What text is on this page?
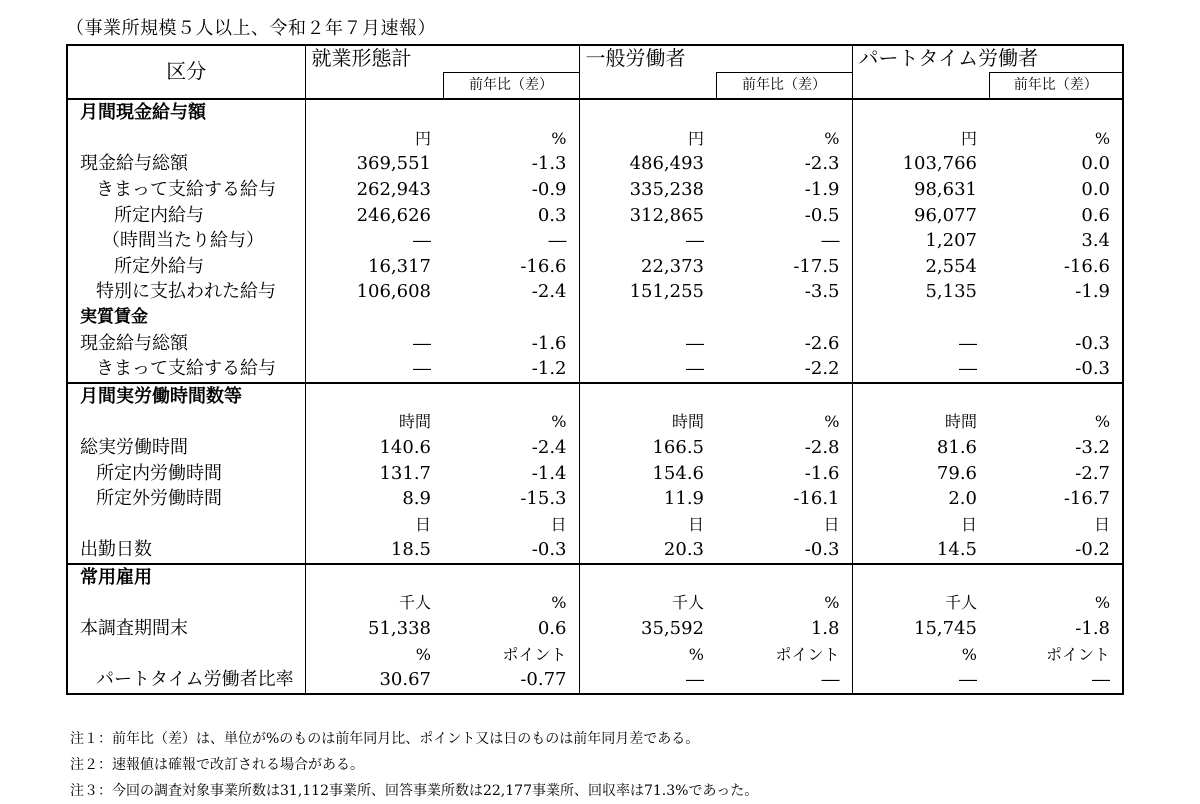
（事業所規模５人以上、令和２年７月速報）
区分	就業形態計		一般労働者		パートタイム労働者	
		前年比（差）		前年比（差）		前年比（差）
月間現金給与額						
	円	%	円	%	円	%
現金給与総額	369,551	-1.3	486,493	-2.3	103,766	0.0
きまって支給する給与	262,943	-0.9	335,238	-1.9	98,631	0.0
所定内給与	246,626	0.3	312,865	-0.5	96,077	0.6
（時間当たり給与）	―	―	―	―	1,207	3.4
所定外給与	16,317	-16.6	22,373	-17.5	2,554	-16.6
特別に支払われた給与	106,608	-2.4	151,255	-3.5	5,135	-1.9
実質賃金						
現金給与総額	―	-1.6	―	-2.6	―	-0.3
きまって支給する給与	―	-1.2	―	-2.2	―	-0.3
月間実労働時間数等						
	時間	%	時間	%	時間	%
総実労働時間	140.6	-2.4	166.5	-2.8	81.6	-3.2
所定内労働時間	131.7	-1.4	154.6	-1.6	79.6	-2.7
所定外労働時間	8.9	-15.3	11.9	-16.1	2.0	-16.7
	日	日	日	日	日	日
出勤日数	18.5	-0.3	20.3	-0.3	14.5	-0.2
常用雇用						
	千人	%	千人	%	千人	%
本調査期間末	51,338	0.6	35,592	1.8	15,745	-1.8
	%	ポイント	%	ポイント	%	ポイント
パートタイム労働者比率	30.67	-0.77	―	―	―	―
注１：前年比（差）は、単位が%のものは前年同月比、ポイント又は日のものは前年同月差である。
注２：速報値は確報で改訂される場合がある。
注３：今回の調査対象事業所数は31,112事業所、回答事業所数は22,177事業所、回収率は71.3%であった。
